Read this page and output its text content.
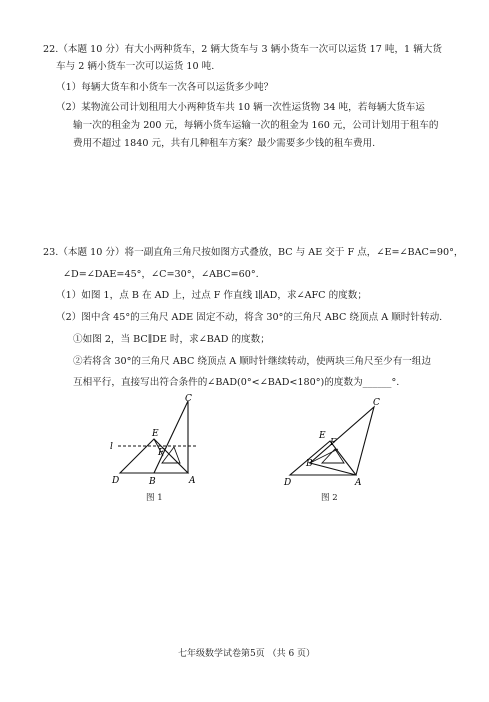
22.（本题 10 分）有大小两种货车，2 辆大货车与 3 辆小货车一次可以运货 17 吨，1 辆大货
车与 2 辆小货车一次可以运货 10 吨.
（1）每辆大货车和小货车一次各可以运货多少吨？
（2）某物流公司计划租用大小两种货车共 10 辆一次性运货物 34 吨，若每辆大货车运
输一次的租金为 200 元，每辆小货车运输一次的租金为 160 元，公司计划用于租车的
费用不超过 1840 元，共有几种租车方案？最少需要多少钱的租车费用.
23.（本题 10 分）将一副直角三角尺按如图方式叠放，BC 与 AE 交于 F 点，∠E=∠BAC=90°，
∠D=∠DAE=45°，∠C=30°，∠ABC=60°.
（1）如图 1，点 B 在 AD 上，过点 F 作直线 l∥AD，求∠AFC 的度数；
（2）图中含 45°的三角尺 ADE 固定不动，将含 30°的三角尺 ABC 绕顶点 A 顺时针转动.
①如图 2，当 BC∥DE 时，求∠BAD 的度数；
②若将含 30°的三角尺 ABC 绕顶点 A 顺时针继续转动，使两块三角尺至少有一组边
互相平行，直接写出符合条件的∠BAD(0°<∠BAD<180°)的度数为______°.
C
E
F
l
D	B	A
图 1
C
E
F
B
D	A
图 2
七年级数学试卷第5页 （共 6 页）
